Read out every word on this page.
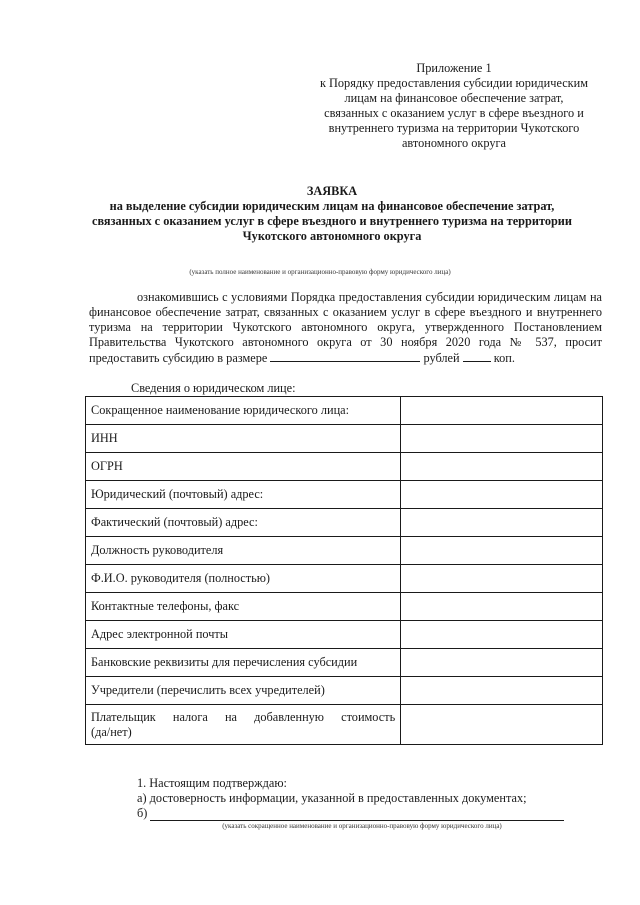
Приложение 1
к Порядку предоставления субсидии юридическим
лицам на финансовое обеспечение затрат,
связанных с оказанием услуг в сфере въездного и
внутреннего туризма на территории Чукотского
автономного округа
ЗАЯВКА
на выделение субсидии юридическим лицам на финансовое обеспечение затрат,
связанных с оказанием услуг в сфере въездного и внутреннего туризма на территории
Чукотского автономного округа
(указать полное наименование и организационно-правовую форму юридического лица)
ознакомившись с условиями Порядка предоставления субсидии юридическим лицам на финансовое обеспечение затрат, связанных с оказанием услуг в сфере въездного и внутреннего туризма на территории Чукотского автономного округа, утвержденного Постановлением Правительства Чукотского автономного округа от 30 ноября 2020 года № 537, просит предоставить субсидию в размере	рублей	коп.
Сведения о юридическом лице:
Сокращенное наименование юридического лица:	
ИНН	
ОГРН	
Юридический (почтовый) адрес:	
Фактический (почтовый) адрес:	
Должность руководителя	
Ф.И.О. руководителя (полностью)	
Контактные телефоны, факс	
Адрес электронной почты	
Банковские реквизиты для перечисления субсидии	
Учредители (перечислить всех учредителей)	

Плательщик налога на добавленную стоимость
(да/нет)	

1. Настоящим подтверждаю:
а) достоверность информации, указанной в предоставленных документах;
б)
(указать сокращенное наименование и организационно-правовую форму юридического лица)
